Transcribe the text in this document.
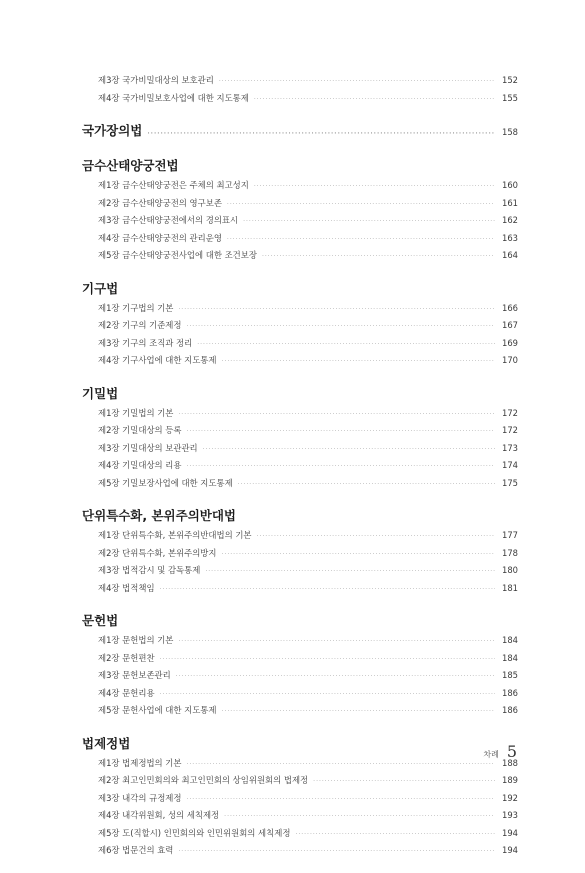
제3장 국가비밀대상의 보호관리 ·····	152
제4장 국가비밀보호사업에 대한 지도통제 ·····	155
국가장의법 ·····	158
금수산태양궁전법
제1장 금수산태양궁전은 주체의 최고성지 ·····	160
제2장 금수산태양궁전의 영구보존 ·····	161
제3장 금수산태양궁전에서의 경의표시 ·····	162
제4장 금수산태양궁전의 관리운영 ·····	163
제5장 금수산태양궁전사업에 대한 조건보장 ·····	164
기구법
제1장 기구법의 기본 ·····	166
제2장 기구의 기준제정 ·····	167
제3장 기구의 조직과 정리 ·····	169
제4장 기구사업에 대한 지도통제 ·····	170
기밀법
제1장 기밀법의 기본 ·····	172
제2장 기밀대상의 등록 ·····	172
제3장 기밀대상의 보관관리 ·····	173
제4장 기밀대상의 리용 ·····	174
제5장 기밀보장사업에 대한 지도통제 ·····	175
단위특수화, 본위주의반대법
제1장 단위특수화, 본위주의반대법의 기본 ·····	177
제2장 단위특수화, 본위주의방지 ·····	178
제3장 법적감시 및 감독통제 ·····	180
제4장 법적책임 ·····	181
문헌법
제1장 문헌법의 기본 ·····	184
제2장 문헌편찬 ·····	184
제3장 문헌보존관리 ·····	185
제4장 문헌리용 ·····	186
제5장 문헌사업에 대한 지도통제 ·····	186
법제정법
제1장 법제정법의 기본 ·····	188
제2장 최고인민회의와 최고인민회의 상임위원회의 법제정 ·····	189
제3장 내각의 규정제정 ·····	192
제4장 내각위원회, 성의 세칙제정 ·····	193
제5장 도(직할시) 인민회의와 인민위원회의 세칙제정 ·····	194
제6장 법문건의 효력 ·····	194
차례 5
